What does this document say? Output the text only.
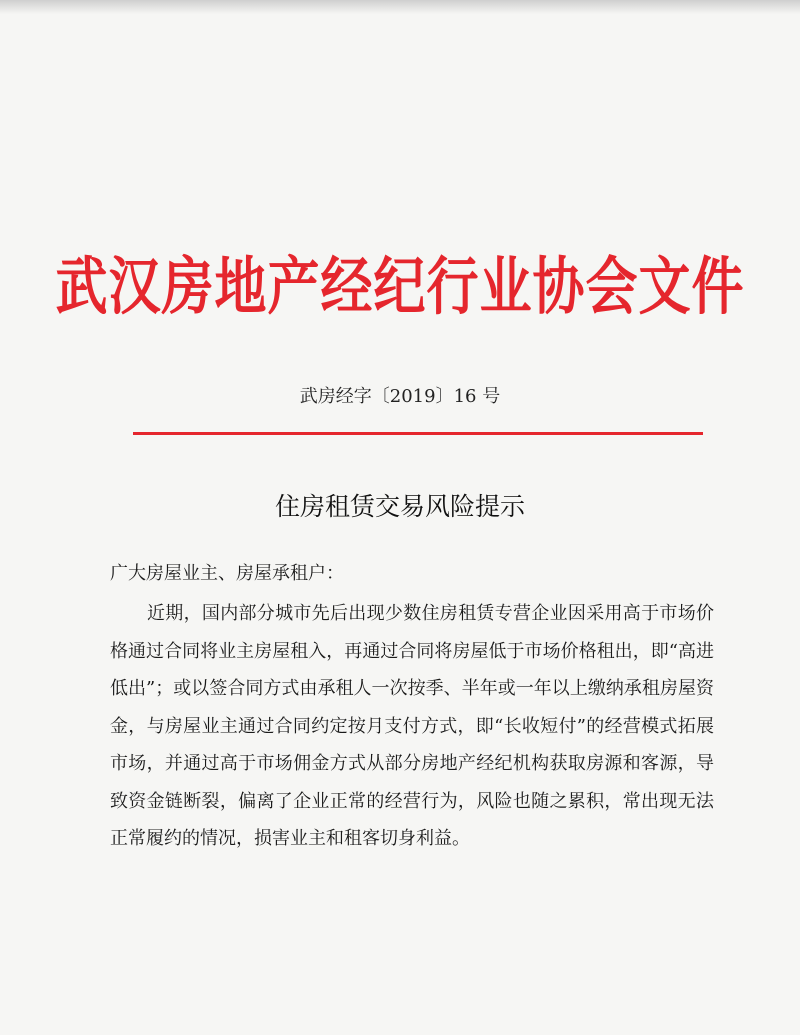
武汉房地产经纪行业协会文件
武房经字〔2019〕16 号
住房租赁交易风险提示
广大房屋业主、房屋承租户：

近期，国内部分城市先后出现少数住房租赁专营企业因采用高于市场价格通过合同将业主房屋租入，再通过合同将房屋低于市场价格租出，即“高进低出”；或以签合同方式由承租人一次按季、半年或一年以上缴纳承租房屋资金，与房屋业主通过合同约定按月支付方式，即“长收短付”的经营模式拓展市场，并通过高于市场佣金方式从部分房地产经纪机构获取房源和客源，导致资金链断裂，偏离了企业正常的经营行为，风险也随之累积，常出现无法正常履约的情况，损害业主和租客切身利益。
